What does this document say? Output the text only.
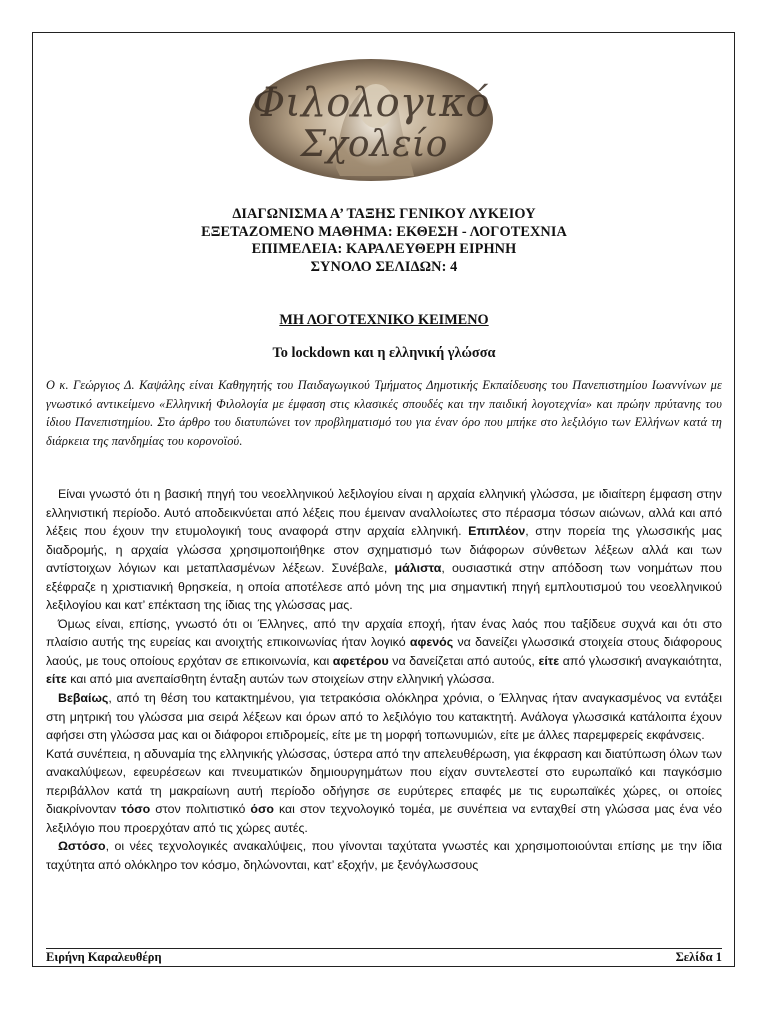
Φιλολογικό
Σχολείο
ΔΙΑΓΩΝΙΣΜΑ Α’ ΤΑΞΗΣ ΓΕΝΙΚΟΥ ΛΥΚΕΙΟΥ
ΕΞΕΤΑΖΟΜΕΝΟ ΜΑΘΗΜΑ: ΕΚΘΕΣΗ - ΛΟΓΟΤΕΧΝΙΑ
ΕΠΙΜΕΛΕΙΑ: ΚΑΡΑΛΕΥΘΕΡΗ ΕΙΡΗΝΗ
ΣΥΝΟΛΟ ΣΕΛΙΔΩΝ: 4
ΜΗ ΛΟΓΟΤΕΧΝΙΚΟ ΚΕΙΜΕΝΟ
Το lockdown και η ελληνική γλώσσα
Ο κ. Γεώργιος Δ. Καψάλης είναι Καθηγητής του Παιδαγωγικού Τμήματος Δημοτικής Εκπαίδευσης του Πανεπιστημίου Ιωαννίνων με γνωστικό αντικείμενο «Ελληνική Φιλολογία με έμφαση στις κλασικές σπουδές και την παιδική λογοτεχνία» και πρώην πρύτανης του ίδιου Πανεπιστημίου. Στο άρθρο του διατυπώνει τον προβληματισμό του για έναν όρο που μπήκε στο λεξιλόγιο των Ελλήνων κατά τη διάρκεια της πανδημίας του κορονοϊού.

Είναι γνωστό ότι η βασική πηγή του νεοελληνικού λεξιλογίου είναι η αρχαία ελληνική γλώσσα, με ιδιαίτερη έμφαση στην ελληνιστική περίοδο. Αυτό αποδεικνύεται από λέξεις που έμειναν αναλλοίωτες στο πέρασμα τόσων αιώνων, αλλά και από λέξεις που έχουν την ετυμολογική τους αναφορά στην αρχαία ελληνική. Επιπλέον, στην πορεία της γλωσσικής μας διαδρομής, η αρχαία γλώσσα χρησιμοποιήθηκε στον σχηματισμό των διάφορων σύνθετων λέξεων αλλά και των αντίστοιχων λόγιων και μεταπλασμένων λέξεων. Συνέβαλε, μάλιστα, ουσιαστικά στην απόδοση των νοημάτων που εξέφραζε η χριστιανική θρησκεία, η οποία αποτέλεσε από μόνη της μια σημαντική πηγή εμπλουτισμού του νεοελληνικού λεξιλογίου και κατ’ επέκταση της ίδιας της γλώσσας μας.

Όμως είναι, επίσης, γνωστό ότι οι Έλληνες, από την αρχαία εποχή, ήταν ένας λαός που ταξίδευε συχνά και ότι στο πλαίσιο αυτής της ευρείας και ανοιχτής επικοινωνίας ήταν λογικό αφενός να δανείζει γλωσσικά στοιχεία στους διάφορους λαούς, με τους οποίους ερχόταν σε επικοινωνία, και αφετέρου να δανείζεται από αυτούς, είτε από γλωσσική αναγκαιότητα, είτε και από μια ανεπαίσθητη ένταξη αυτών των στοιχείων στην ελληνική γλώσσα.

Βεβαίως, από τη θέση του κατακτημένου, για τετρακόσια ολόκληρα χρόνια, ο Έλληνας ήταν αναγκασμένος να εντάξει στη μητρική του γλώσσα μια σειρά λέξεων και όρων από το λεξιλόγιο του κατακτητή. Ανάλογα γλωσσικά κατάλοιπα έχουν αφήσει στη γλώσσα μας και οι διάφοροι επιδρομείς, είτε με τη μορφή τοπωνυμιών, είτε με άλλες παρεμφερείς εκφάνσεις.

Κατά συνέπεια, η αδυναμία της ελληνικής γλώσσας, ύστερα από την απελευθέρωση, για έκφραση και διατύπωση όλων των ανακαλύψεων, εφευρέσεων και πνευματικών δημιουργημάτων που είχαν συντελεστεί στο ευρωπαϊκό και παγκόσμιο περιβάλλον κατά τη μακραίωνη αυτή περίοδο οδήγησε σε ευρύτερες επαφές με τις ευρωπαϊκές χώρες, οι οποίες διακρίνονταν τόσο στον πολιτιστικό όσο και στον τεχνολογικό τομέα, με συνέπεια να ενταχθεί στη γλώσσα μας ένα νέο λεξιλόγιο που προερχόταν από τις χώρες αυτές.

Ωστόσο, οι νέες τεχνολογικές ανακαλύψεις, που γίνονται ταχύτατα γνωστές και χρησιμοποιούνται επίσης με την ίδια ταχύτητα από ολόκληρο τον κόσμο, δηλώνονται, κατ’ εξοχήν, με ξενόγλωσσους

Ειρήνη Καραλευθέρη	Σελίδα 1
